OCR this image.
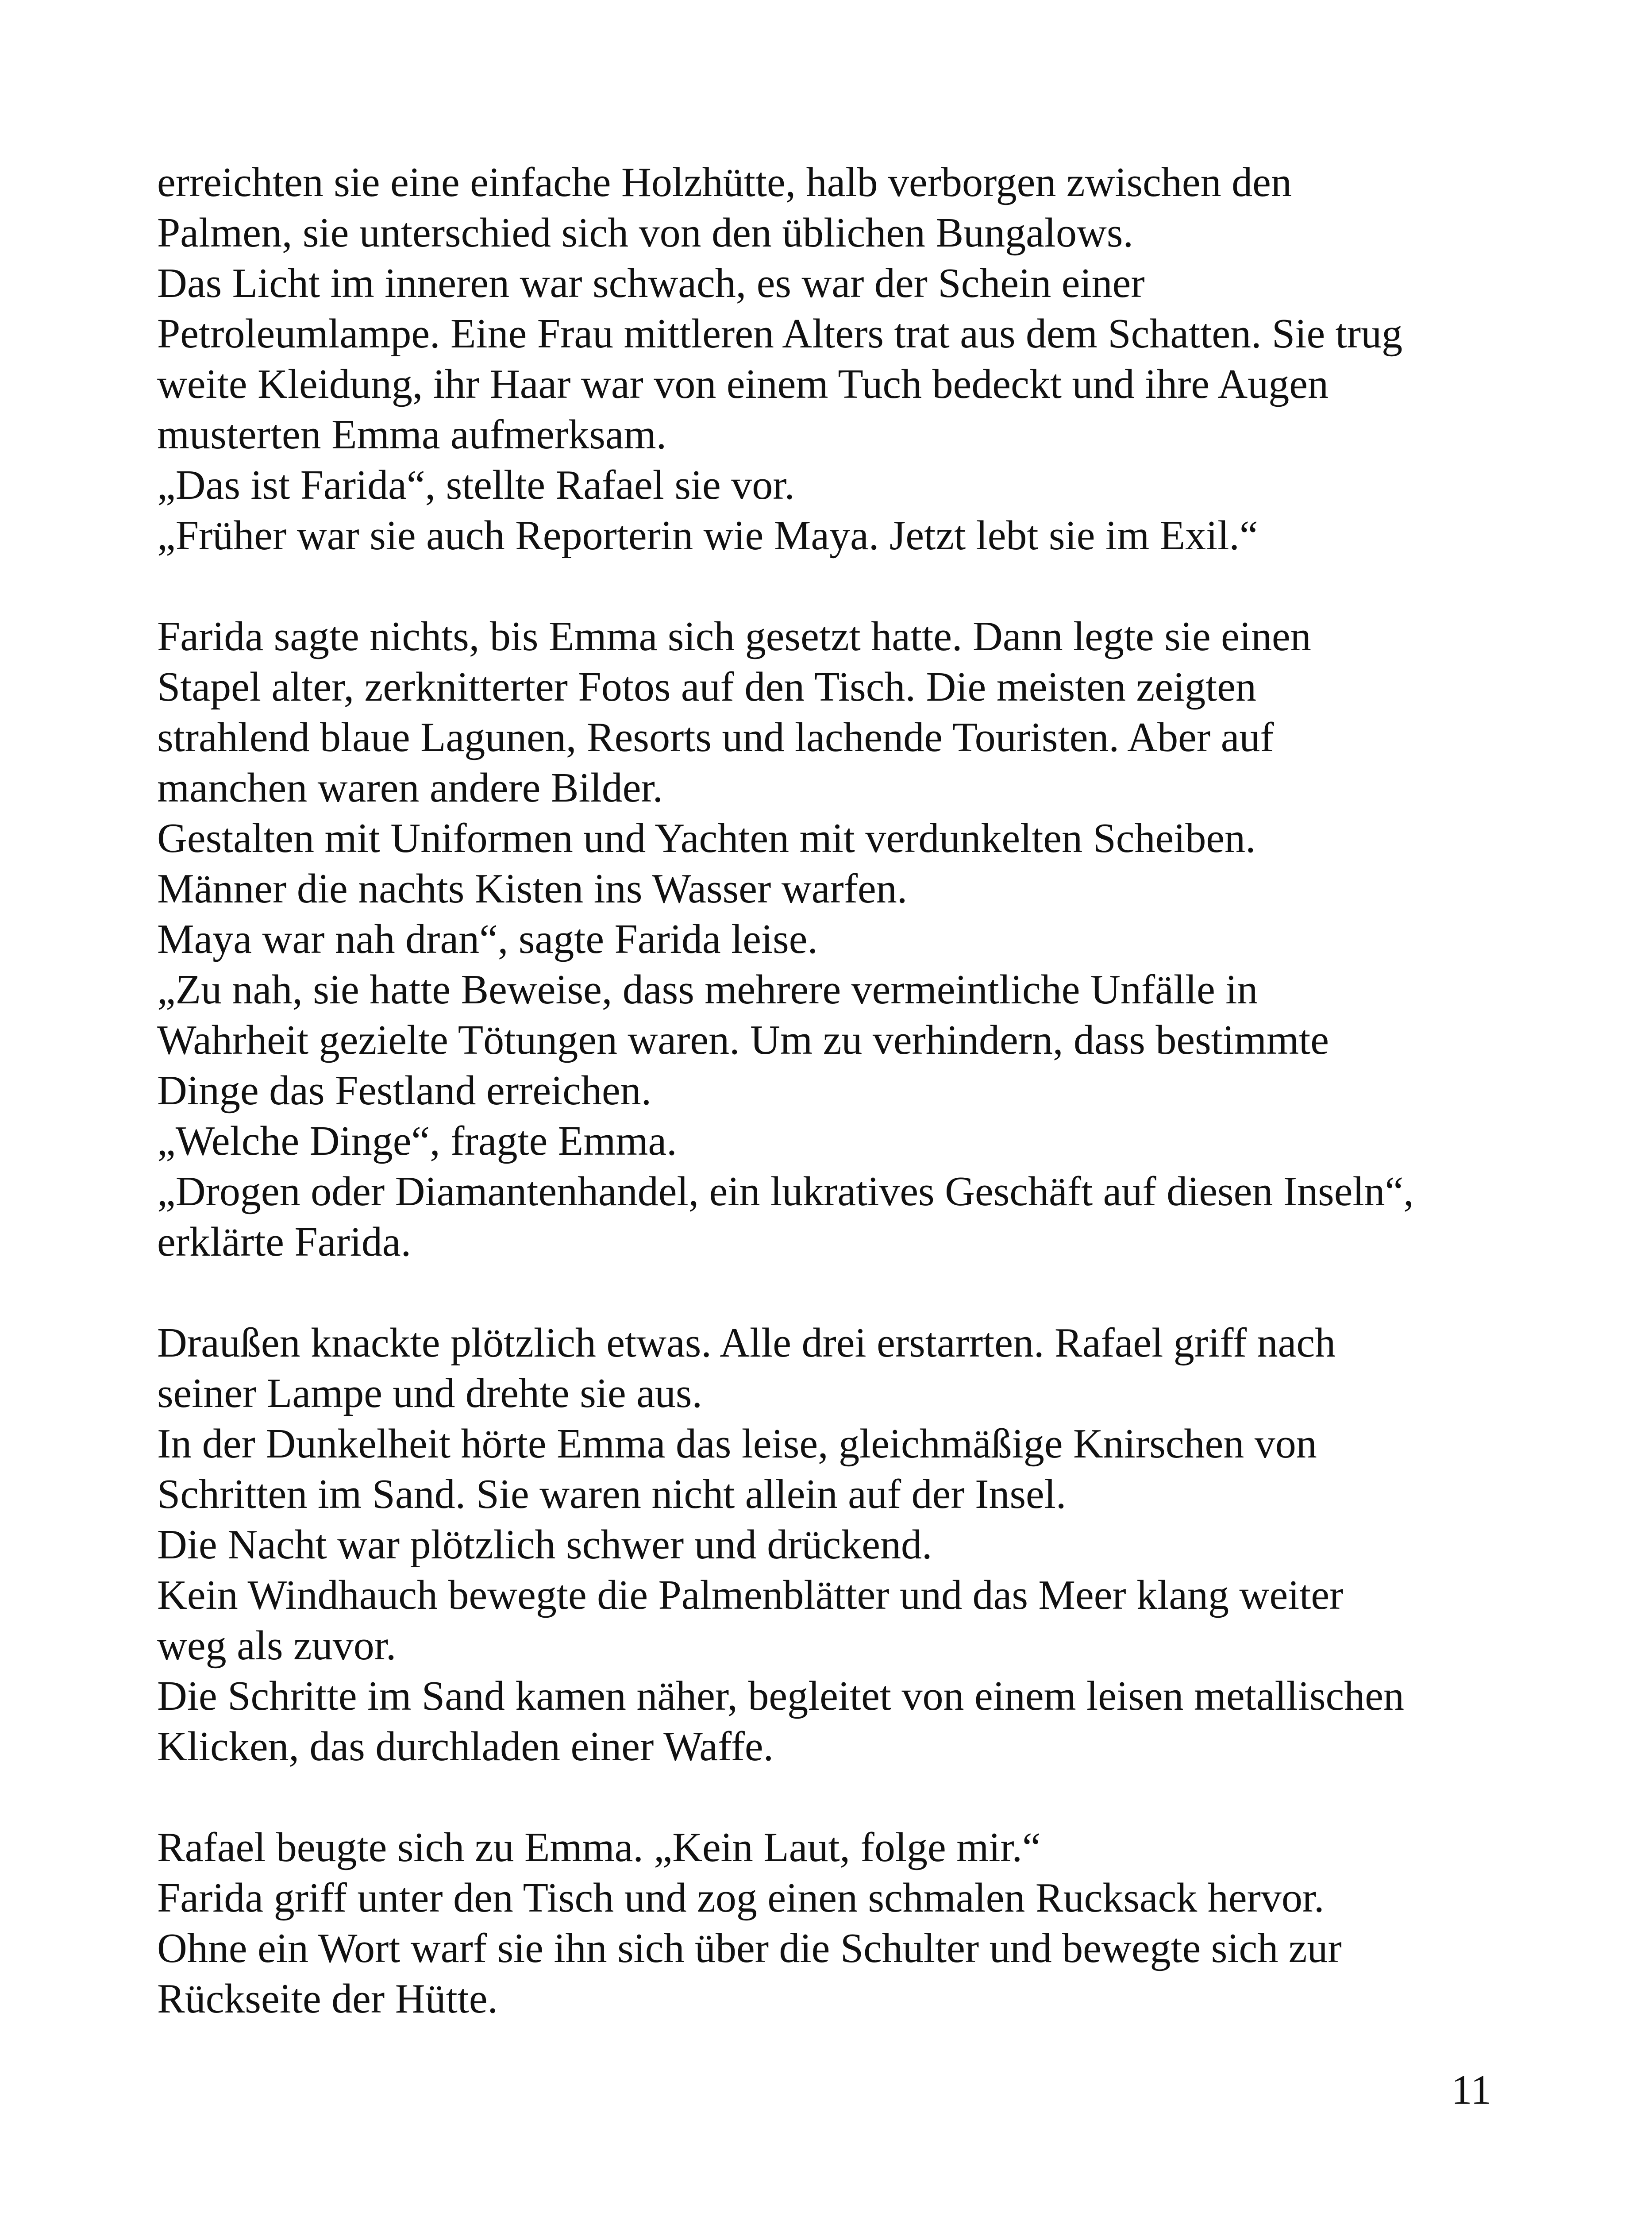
erreichten sie eine einfache Holzhütte, halb verborgen zwischen den
Palmen, sie unterschied sich von den üblichen Bungalows.
Das Licht im inneren war schwach, es war der Schein einer
Petroleumlampe. Eine Frau mittleren Alters trat aus dem Schatten. Sie trug
weite Kleidung, ihr Haar war von einem Tuch bedeckt und ihre Augen
musterten Emma aufmerksam.
„Das ist Farida“, stellte Rafael sie vor.
„Früher war sie auch Reporterin wie Maya. Jetzt lebt sie im Exil.“
Farida sagte nichts, bis Emma sich gesetzt hatte. Dann legte sie einen
Stapel alter, zerknitterter Fotos auf den Tisch. Die meisten zeigten
strahlend blaue Lagunen, Resorts und lachende Touristen. Aber auf
manchen waren andere Bilder.
Gestalten mit Uniformen und Yachten mit verdunkelten Scheiben.
Männer die nachts Kisten ins Wasser warfen.
Maya war nah dran“, sagte Farida leise.
„Zu nah, sie hatte Beweise, dass mehrere vermeintliche Unfälle in
Wahrheit gezielte Tötungen waren. Um zu verhindern, dass bestimmte
Dinge das Festland erreichen.
„Welche Dinge“, fragte Emma.
„Drogen oder Diamantenhandel, ein lukratives Geschäft auf diesen Inseln“,
erklärte Farida.
Draußen knackte plötzlich etwas. Alle drei erstarrten. Rafael griff nach
seiner Lampe und drehte sie aus.
In der Dunkelheit hörte Emma das leise, gleichmäßige Knirschen von
Schritten im Sand. Sie waren nicht allein auf der Insel.
Die Nacht war plötzlich schwer und drückend.
Kein Windhauch bewegte die Palmenblätter und das Meer klang weiter
weg als zuvor.
Die Schritte im Sand kamen näher, begleitet von einem leisen metallischen
Klicken, das durchladen einer Waffe.
Rafael beugte sich zu Emma. „Kein Laut, folge mir.“
Farida griff unter den Tisch und zog einen schmalen Rucksack hervor.
Ohne ein Wort warf sie ihn sich über die Schulter und bewegte sich zur
Rückseite der Hütte.
11
